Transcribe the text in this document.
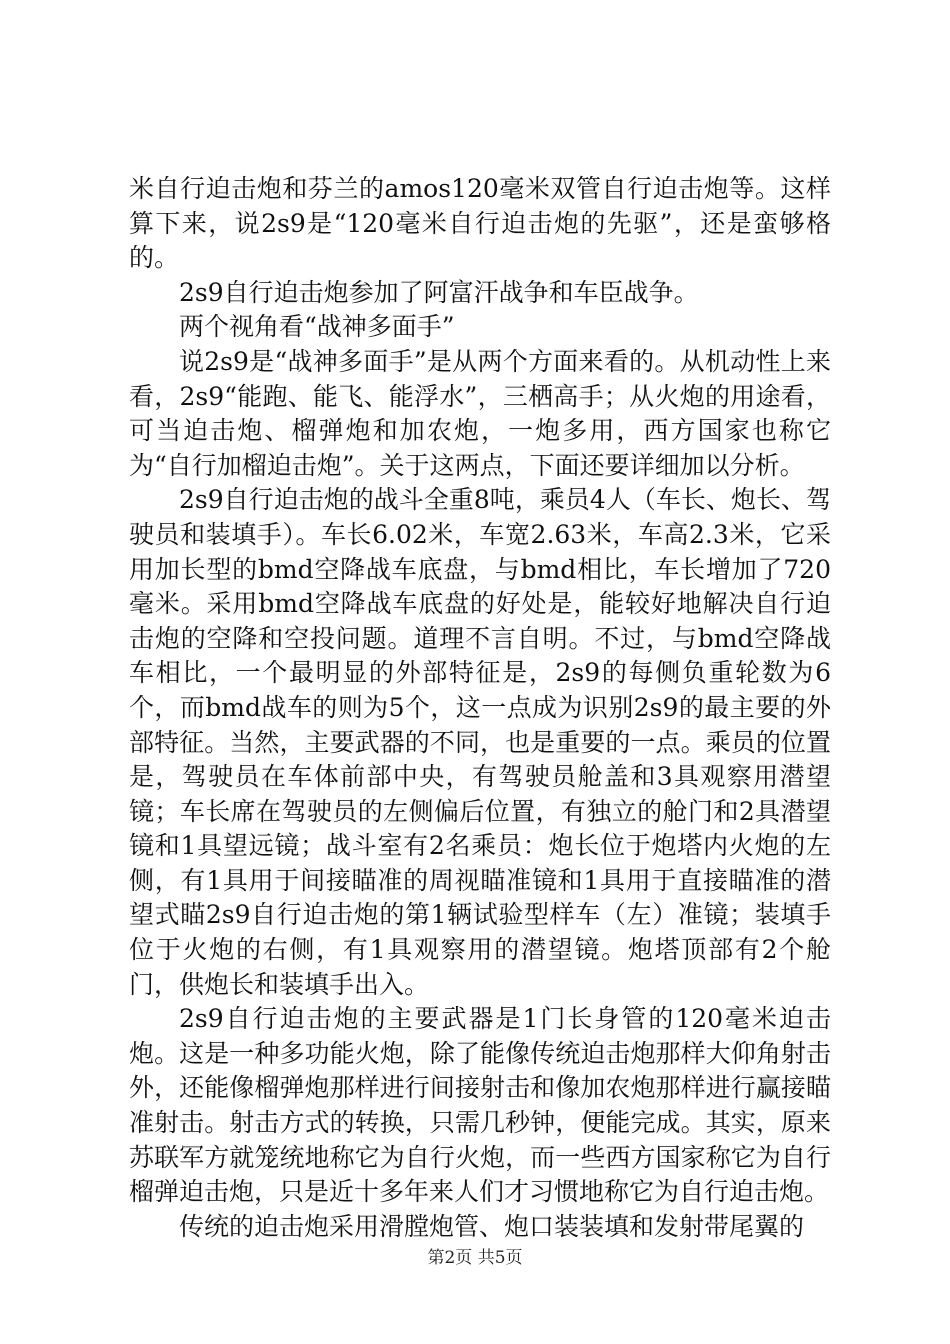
米自行迫击炮和芬兰的amos120毫米双管自行迫击炮等。这样算下来，说2s9是“120毫米自行迫击炮的先驱”，还是蛮够格的。

2s9自行迫击炮参加了阿富汗战争和车臣战争。

两个视角看“战神多面手”

说2s9是“战神多面手”是从两个方面来看的。从机动性上来看，2s9“能跑、能飞、能浮水”，三栖高手；从火炮的用途看，可当迫击炮、榴弹炮和加农炮，一炮多用，西方国家也称它为“自行加榴迫击炮”。关于这两点，下面还要详细加以分析。

2s9自行迫击炮的战斗全重8吨，乘员4人（车长、炮长、驾驶员和装填手）。车长6.02米，车宽2.63米，车高2.3米，它采用加长型的bmd空降战车底盘，与bmd相比，车长增加了720毫米。采用bmd空降战车底盘的好处是，能较好地解决自行迫击炮的空降和空投问题。道理不言自明。不过，与bmd空降战车相比，一个最明显的外部特征是，2s9的每侧负重轮数为6个，而bmd战车的则为5个，这一点成为识别2s9的最主要的外部特征。当然，主要武器的不同，也是重要的一点。乘员的位置是，驾驶员在车体前部中央，有驾驶员舱盖和3具观察用潜望镜；车长席在驾驶员的左侧偏后位置，有独立的舱门和2具潜望镜和1具望远镜；战斗室有2名乘员：炮长位于炮塔内火炮的左侧，有1具用于间接瞄准的周视瞄准镜和1具用于直接瞄准的潜望式瞄2s9自行迫击炮的第1辆试验型样车（左）准镜；装填手位于火炮的右侧，有1具观察用的潜望镜。炮塔顶部有2个舱门，供炮长和装填手出入。

2s9自行迫击炮的主要武器是1门长身管的120毫米迫击炮。这是一种多功能火炮，除了能像传统迫击炮那样大仰角射击外，还能像榴弹炮那样进行间接射击和像加农炮那样进行赢接瞄准射击。射击方式的转换，只需几秒钟，便能完成。其实，原来苏联军方就笼统地称它为自行火炮，而一些西方国家称它为自行榴弹迫击炮，只是近十多年来人们才习惯地称它为自行迫击炮。

传统的迫击炮采用滑膛炮管、炮口装装填和发射带尾翼的

第2页 共5页
